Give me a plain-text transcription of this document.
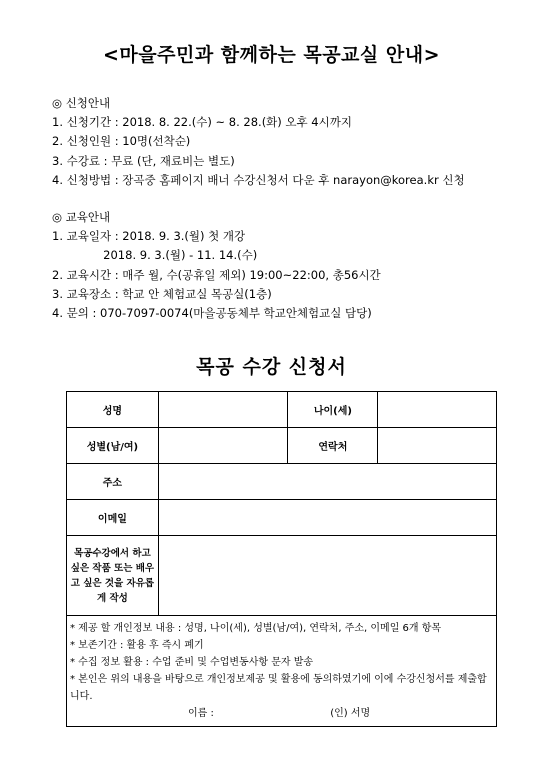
<마을주민과 함께하는 목공교실 안내>
◎ 신청안내
1. 신청기간 : 2018. 8. 22.(수) ~ 8. 28.(화) 오후 4시까지
2. 신청인원 : 10명(선착순)
3. 수강료 : 무료 (단, 재료비는 별도)
4. 신청방법 : 장곡중 홈페이지 배너 수강신청서 다운 후 narayon@korea.kr 신청
◎ 교육안내
1. 교육일자 : 2018. 9. 3.(월) 첫 개강
2018. 9. 3.(월) - 11. 14.(수)
2. 교육시간 : 매주 월, 수(공휴일 제외) 19:00~22:00, 총56시간
3. 교육장소 : 학교 안 체험교실 목공실(1층)
4. 문의 : 070-7097-0074(마을공동체부 학교안체험교실 담당)
목공 수강 신청서
성명		나이(세)	
성별(남/여)		연락처	
주소			
이메일			
목공수강에서 하고 싶은 작품 또는 배우고 싶은 것을 자유롭게 작성			

* 제공 할 개인정보 내용 : 성명, 나이(세), 성별(남/여), 연락처, 주소, 이메일 6개 항목
* 보존기간 : 활용 후 즉시 폐기
* 수집 정보 활용 : 수업 준비 및 수업변동사항 문자 발송
* 본인은 위의 내용을 바탕으로 개인정보제공 및 활용에 동의하였기에 이에 수강신청서를 제출합니다.
이름 : (인) 서명			
